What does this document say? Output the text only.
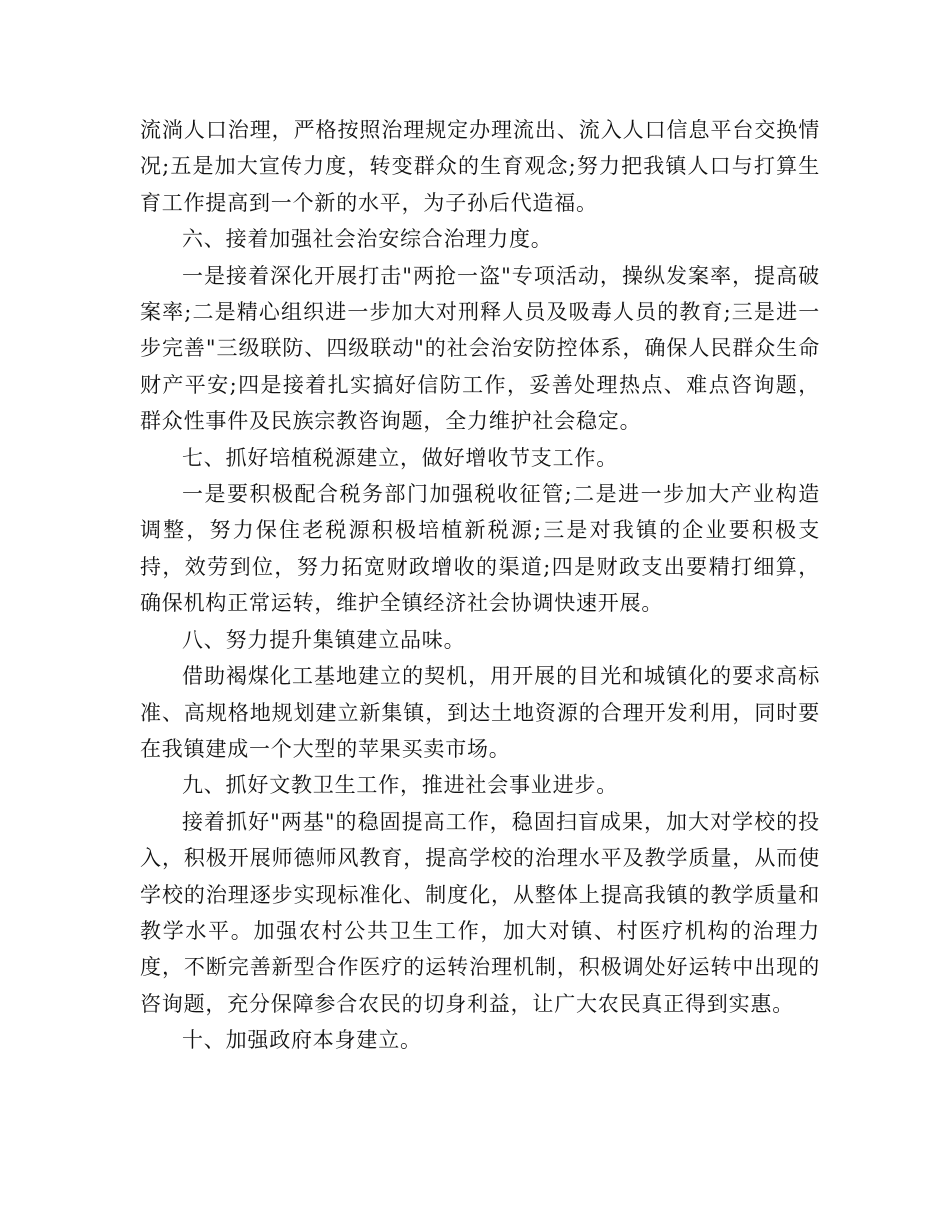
流淌人口治理，严格按照治理规定办理流出、流入人口信息平台交换情况;五是加大宣传力度，转变群众的生育观念;努力把我镇人口与打算生育工作提高到一个新的水平，为子孙后代造福。

六、接着加强社会治安综合治理力度。

一是接着深化开展打击"两抢一盗"专项活动，操纵发案率，提高破案率;二是精心组织进一步加大对刑释人员及吸毒人员的教育;三是进一步完善"三级联防、四级联动"的社会治安防控体系，确保人民群众生命财产平安;四是接着扎实搞好信防工作，妥善处理热点、难点咨询题，群众性事件及民族宗教咨询题，全力维护社会稳定。

七、抓好培植税源建立，做好增收节支工作。

一是要积极配合税务部门加强税收征管;二是进一步加大产业构造调整，努力保住老税源积极培植新税源;三是对我镇的企业要积极支持，效劳到位，努力拓宽财政增收的渠道;四是财政支出要精打细算，确保机构正常运转，维护全镇经济社会协调快速开展。

八、努力提升集镇建立品味。

借助褐煤化工基地建立的契机，用开展的目光和城镇化的要求高标准、高规格地规划建立新集镇，到达土地资源的合理开发利用，同时要在我镇建成一个大型的苹果买卖市场。

九、抓好文教卫生工作，推进社会事业进步。

接着抓好"两基"的稳固提高工作，稳固扫盲成果，加大对学校的投入，积极开展师德师风教育，提高学校的治理水平及教学质量，从而使学校的治理逐步实现标准化、制度化，从整体上提高我镇的教学质量和教学水平。加强农村公共卫生工作，加大对镇、村医疗机构的治理力度，不断完善新型合作医疗的运转治理机制，积极调处好运转中出现的咨询题，充分保障参合农民的切身利益，让广大农民真正得到实惠。

十、加强政府本身建立。
